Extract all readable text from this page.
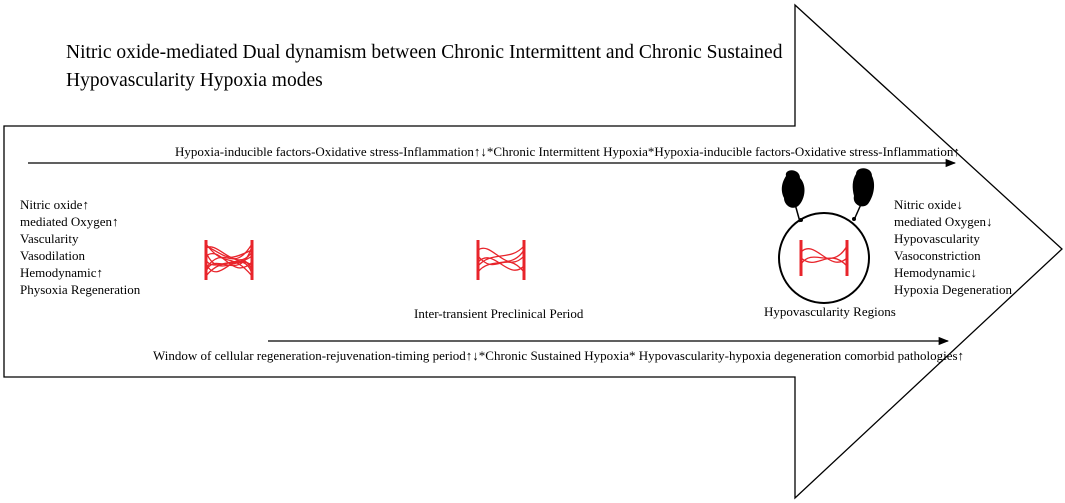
Nitric oxide-mediated Dual dynamism between Chronic Intermittent and Chronic Sustained
Hypovascularity Hypoxia modes
Hypoxia-inducible factors-Oxidative stress-Inflammation↑↓*Chronic Intermittent Hypoxia*Hypoxia-inducible factors-Oxidative stress-Inflammation↑
Window of cellular regeneration-rejuvenation-timing period↑↓*Chronic Sustained Hypoxia* Hypovascularity-hypoxia degeneration comorbid pathologies↑
Nitric oxide↑
mediated Oxygen↑
Vascularity
Vasodilation
Hemodynamic↑
Physoxia Regeneration
Nitric oxide↓
mediated Oxygen↓
Hypovascularity
Vasoconstriction
Hemodynamic↓
Hypoxia Degeneration
Inter-transient Preclinical Period	Hypovascularity Regions
